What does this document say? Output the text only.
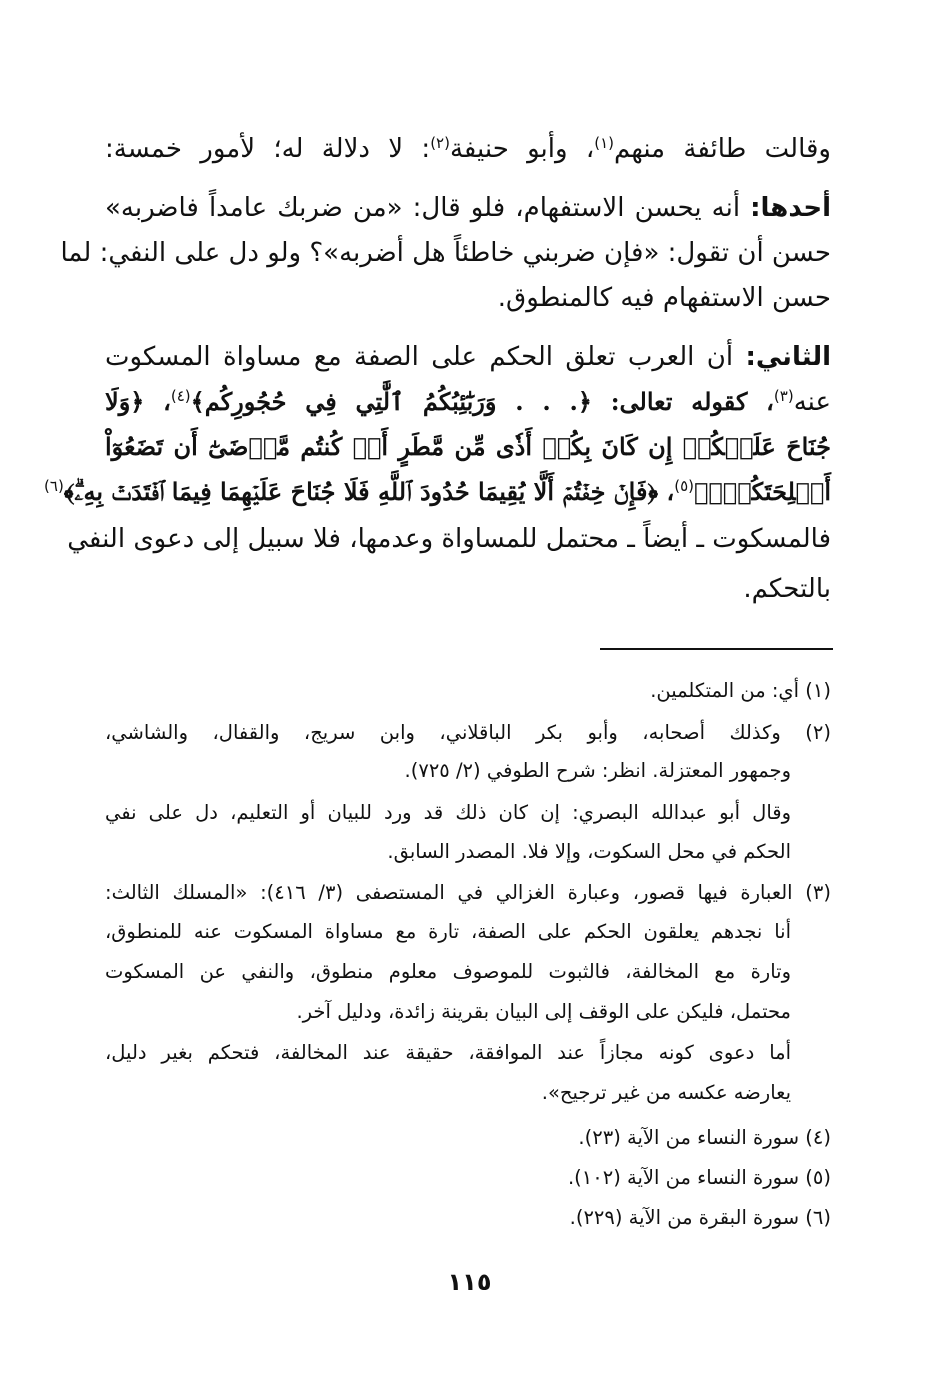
وقالت طائفة منهم$^{(١)}$، وأبو حنيفة$^{(٢)}$: لا دلالة له؛ لأمور خمسة:
أحدها: أنه يحسن الاستفهام، فلو قال: «من ضربك عامداً فاضربه»
حسن أن تقول: «فإن ضربني خاطئاً هل أضربه»؟ ولو دل على النفي: لما
حسن الاستفهام فيه كالمنطوق.
الثاني: أن العرب تعلق الحكم على الصفة مع مساواة المسكوت
عنه$^{(٣)}$، كقوله تعالى: ﴿. . . وَرَبَٰٓئِبُكُمُ ٱلَّٰتِي فِي حُجُورِكُم﴾$^{(٤)}$، ﴿وَلَا
جُنَاحَ عَلَيۡكُمۡ إِن كَانَ بِكُمۡ أَذٗى مِّن مَّطَرٍ أَوۡ كُنتُم مَّرۡضَىٰٓ أَن تَضَعُوٓاْ
أَسۡلِحَتَكُمۡۖ﴾$^{(٥)}$، ﴿فَإِنۡ خِفۡتُمۡ أَلَّا يُقِيمَا حُدُودَ ٱللَّهِ فَلَا جُنَاحَ عَلَيۡهِمَا فِيمَا ٱفۡتَدَتۡ بِهِۦۗ﴾$^{(٦)}$
فالمسكوت ـ أيضاً ـ محتمل للمساواة وعدمها، فلا سبيل إلى دعوى النفي
بالتحكم.
(١) أي: من المتكلمين.
(٢) وكذلك أصحابه، وأبو بكر الباقلاني، وابن سريج، والقفال، والشاشي،
وجمهور المعتزلة. انظر: شرح الطوفي (٢/ ٧٢٥).
وقال أبو عبدالله البصري: إن كان ذلك قد ورد للبيان أو التعليم، دل على نفي
الحكم في محل السكوت، وإلا فلا. المصدر السابق.
(٣) العبارة فيها قصور، وعبارة الغزالي في المستصفى (٣/ ٤١٦): «المسلك الثالث:
أنا نجدهم يعلقون الحكم على الصفة، تارة مع مساواة المسكوت عنه للمنطوق،
وتارة مع المخالفة، فالثبوت للموصوف معلوم منطوق، والنفي عن المسكوت
محتمل، فليكن على الوقف إلى البيان بقرينة زائدة، ودليل آخر.
أما دعوى كونه مجازاً عند الموافقة، حقيقة عند المخالفة، فتحكم بغير دليل،
يعارضه عكسه من غير ترجيح».
(٤) سورة النساء من الآية (٢٣).
(٥) سورة النساء من الآية (١٠٢).
(٦) سورة البقرة من الآية (٢٢٩).
١١٥
